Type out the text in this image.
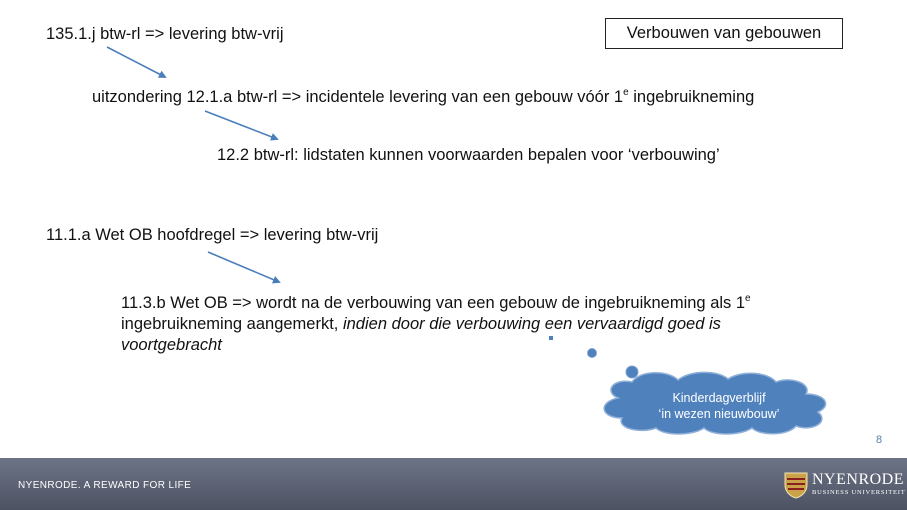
Verbouwen van gebouwen
135.1.j btw-rl => levering btw-vrij
uitzondering 12.1.a btw-rl => incidentele levering van een gebouw vóór 1e ingebruikneming
12.2 btw-rl: lidstaten kunnen voorwaarden bepalen voor ‘verbouwing’
11.1.a Wet OB hoofdregel => levering btw-vrij
11.3.b Wet OB => wordt na de verbouwing van een gebouw de ingebruikneming als 1e ingebruikneming aangemerkt, indien door die verbouwing een vervaardigd goed is voortgebracht
Kinderdagverblijf
‘in wezen nieuwbouw’
8
NYENRODE. A REWARD FOR LIFE	NYENRODE
BUSINESS UNIVERSITEIT
